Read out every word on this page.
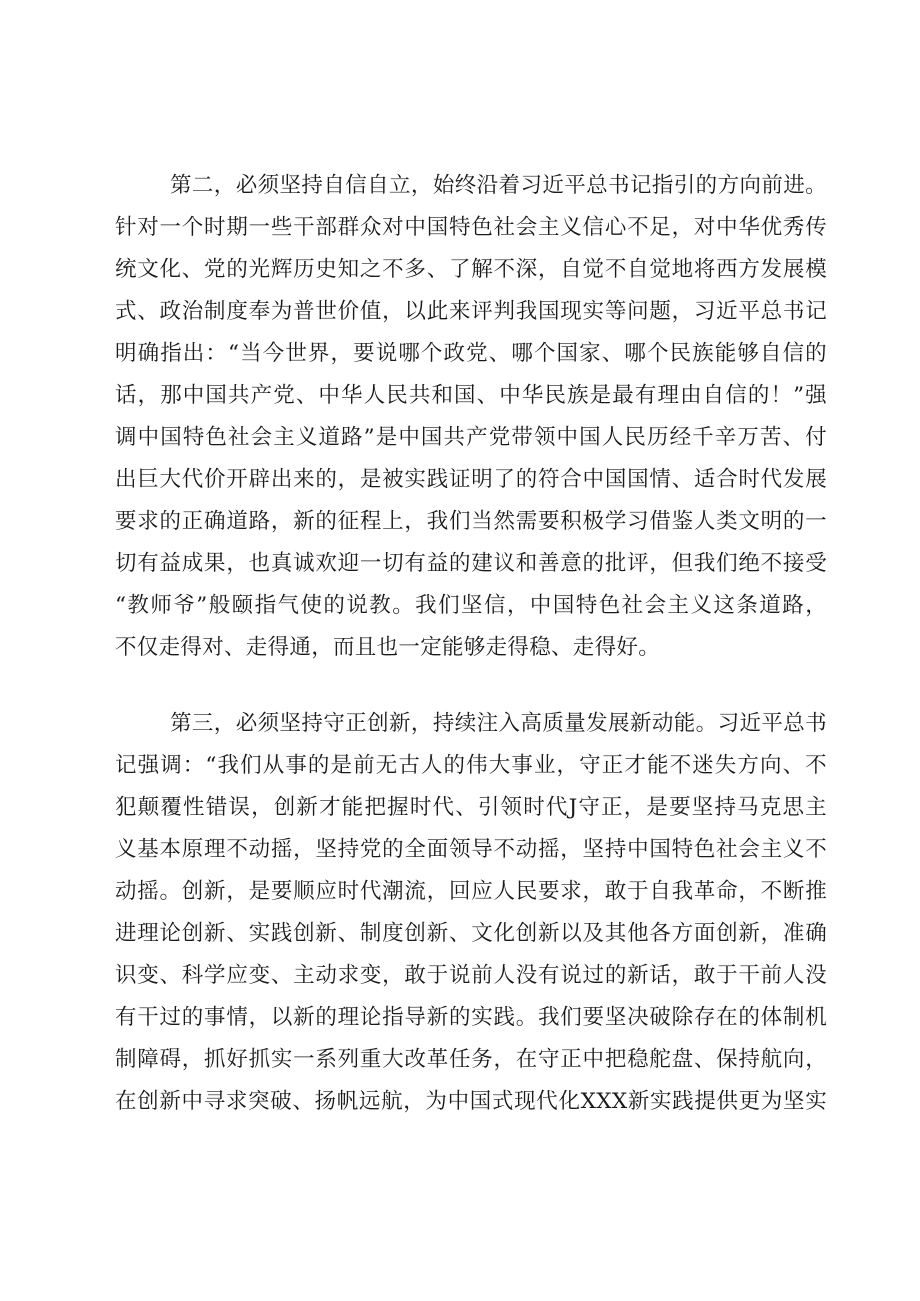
第二，必须坚持自信自立，始终沿着习近平总书记指引的方向前进。
针对一个时期一些干部群众对中国特色社会主义信心不足，对中华优秀传
统文化、党的光辉历史知之不多、了解不深，自觉不自觉地将西方发展模
式、政治制度奉为普世价值，以此来评判我国现实等问题，习近平总书记
明确指出：“当今世界，要说哪个政党、哪个国家、哪个民族能够自信的
话，那中国共产党、中华人民共和国、中华民族是最有理由自信的！”强
调中国特色社会主义道路”是中国共产党带领中国人民历经千辛万苦、付
出巨大代价开辟出来的，是被实践证明了的符合中国国情、适合时代发展
要求的正确道路，新的征程上，我们当然需要积极学习借鉴人类文明的一
切有益成果，也真诚欢迎一切有益的建议和善意的批评，但我们绝不接受
“教师爷”般颐指气使的说教。我们坚信，中国特色社会主义这条道路，
不仅走得对、走得通，而且也一定能够走得稳、走得好。
第三，必须坚持守正创新，持续注入高质量发展新动能。习近平总书
记强调：“我们从事的是前无古人的伟大事业，守正才能不迷失方向、不
犯颠覆性错误，创新才能把握时代、引领时代J守正，是要坚持马克思主
义基本原理不动摇，坚持党的全面领导不动摇，坚持中国特色社会主义不
动摇。创新，是要顺应时代潮流，回应人民要求，敢于自我革命，不断推
进理论创新、实践创新、制度创新、文化创新以及其他各方面创新，准确
识变、科学应变、主动求变，敢于说前人没有说过的新话，敢于干前人没
有干过的事情，以新的理论指导新的实践。我们要坚决破除存在的体制机
制障碍，抓好抓实一系列重大改革任务，在守正中把稳舵盘、保持航向，
在创新中寻求突破、扬帆远航，为中国式现代化XXX新实践提供更为坚实
